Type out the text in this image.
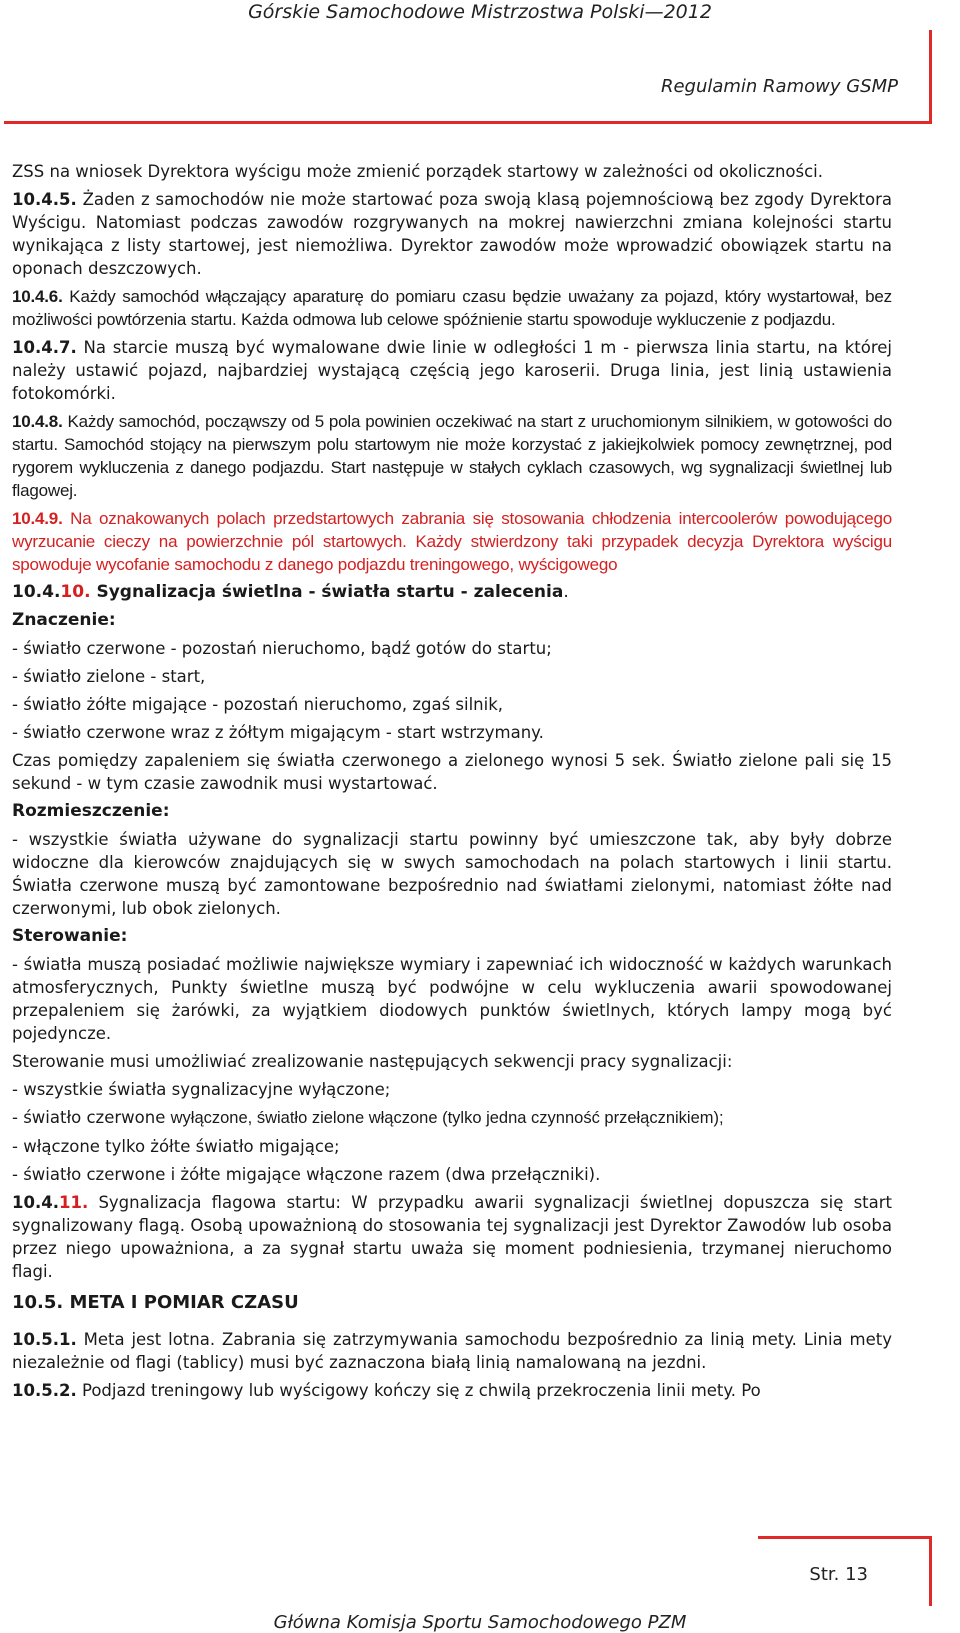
Górskie Samochodowe Mistrzostwa Polski—2012
Regulamin Ramowy GSMP

ZSS na wniosek Dyrektora wyścigu może zmienić porządek startowy w zależności od okoliczności.

10.4.5. Żaden z samochodów nie może startować poza swoją klasą pojemnościową bez zgody Dyrektora Wyścigu. Natomiast podczas zawodów rozgrywanych na mokrej nawierzchni zmiana kolejności startu wynikająca z listy startowej, jest niemożliwa. Dyrektor zawodów może wprowadzić obowiązek startu na oponach deszczowych.

10.4.6. Każdy samochód włączający aparaturę do pomiaru czasu będzie uważany za pojazd, który wystartował, bez możliwości powtórzenia startu. Każda odmowa lub celowe spóźnienie startu spowoduje wykluczenie z podjazdu.

10.4.7. Na starcie muszą być wymalowane dwie linie w odległości 1 m - pierwsza linia startu, na której należy ustawić pojazd, najbardziej wystającą częścią jego karoserii. Druga linia, jest linią ustawienia fotokomórki.

10.4.8. Każdy samochód, począwszy od 5 pola powinien oczekiwać na start z uruchomionym silnikiem, w gotowości do startu. Samochód stojący na pierwszym polu startowym nie może korzystać z jakiejkolwiek pomocy zewnętrznej, pod rygorem wykluczenia z danego podjazdu. Start następuje w stałych cyklach czasowych, wg sygnalizacji świetlnej lub flagowej.

10.4.9. Na oznakowanych polach przedstartowych zabrania się stosowania chłodzenia intercoolerów powodującego wyrzucanie cieczy na powierzchnie pól startowych. Każdy stwierdzony taki przypadek decyzja Dyrektora wyścigu spowoduje wycofanie samochodu z danego podjazdu treningowego, wyścigowego

10.4.10. Sygnalizacja świetlna - światła startu - zalecenia.

Znaczenie:

- światło czerwone - pozostań nieruchomo, bądź gotów do startu;

- światło zielone - start,

- światło żółte migające - pozostań nieruchomo, zgaś silnik,

- światło czerwone wraz z żółtym migającym - start wstrzymany.

Czas pomiędzy zapaleniem się światła czerwonego a zielonego wynosi 5 sek. Światło zielone pali się 15 sekund - w tym czasie zawodnik musi wystartować.

Rozmieszczenie:

- wszystkie światła używane do sygnalizacji startu powinny być umieszczone tak, aby były dobrze widoczne dla kierowców znajdujących się w swych samochodach na polach startowych i linii startu. Światła czerwone muszą być zamontowane bezpośrednio nad światłami zielonymi, natomiast żółte nad czerwonymi, lub obok zielonych.

Sterowanie:

- światła muszą posiadać możliwie największe wymiary i zapewniać ich widoczność w każdych warunkach atmosferycznych, Punkty świetlne muszą być podwójne w celu wykluczenia awarii spowodowanej przepaleniem się żarówki, za wyjątkiem diodowych punktów świetlnych, których lampy mogą być pojedyncze.

Sterowanie musi umożliwiać zrealizowanie następujących sekwencji pracy sygnalizacji:

- wszystkie światła sygnalizacyjne wyłączone;

- światło czerwone wyłączone, światło zielone włączone (tylko jedna czynność przełącznikiem);

- włączone tylko żółte światło migające;

- światło czerwone i żółte migające włączone razem (dwa przełączniki).

10.4.11. Sygnalizacja flagowa startu: W przypadku awarii sygnalizacji świetlnej dopuszcza się start sygnalizowany flagą. Osobą upoważnioną do stosowania tej sygnalizacji jest Dyrektor Zawodów lub osoba przez niego upoważniona, a za sygnał startu uważa się moment podniesienia, trzymanej nieruchomo flagi.

10.5. META I POMIAR CZASU

10.5.1. Meta jest lotna. Zabrania się zatrzymywania samochodu bezpośrednio za linią mety. Linia mety niezależnie od flagi (tablicy) musi być zaznaczona białą linią namalowaną na jezdni.

10.5.2. Podjazd treningowy lub wyścigowy kończy się z chwilą przekroczenia linii mety. Po

Str. 13
Główna Komisja Sportu Samochodowego PZM
